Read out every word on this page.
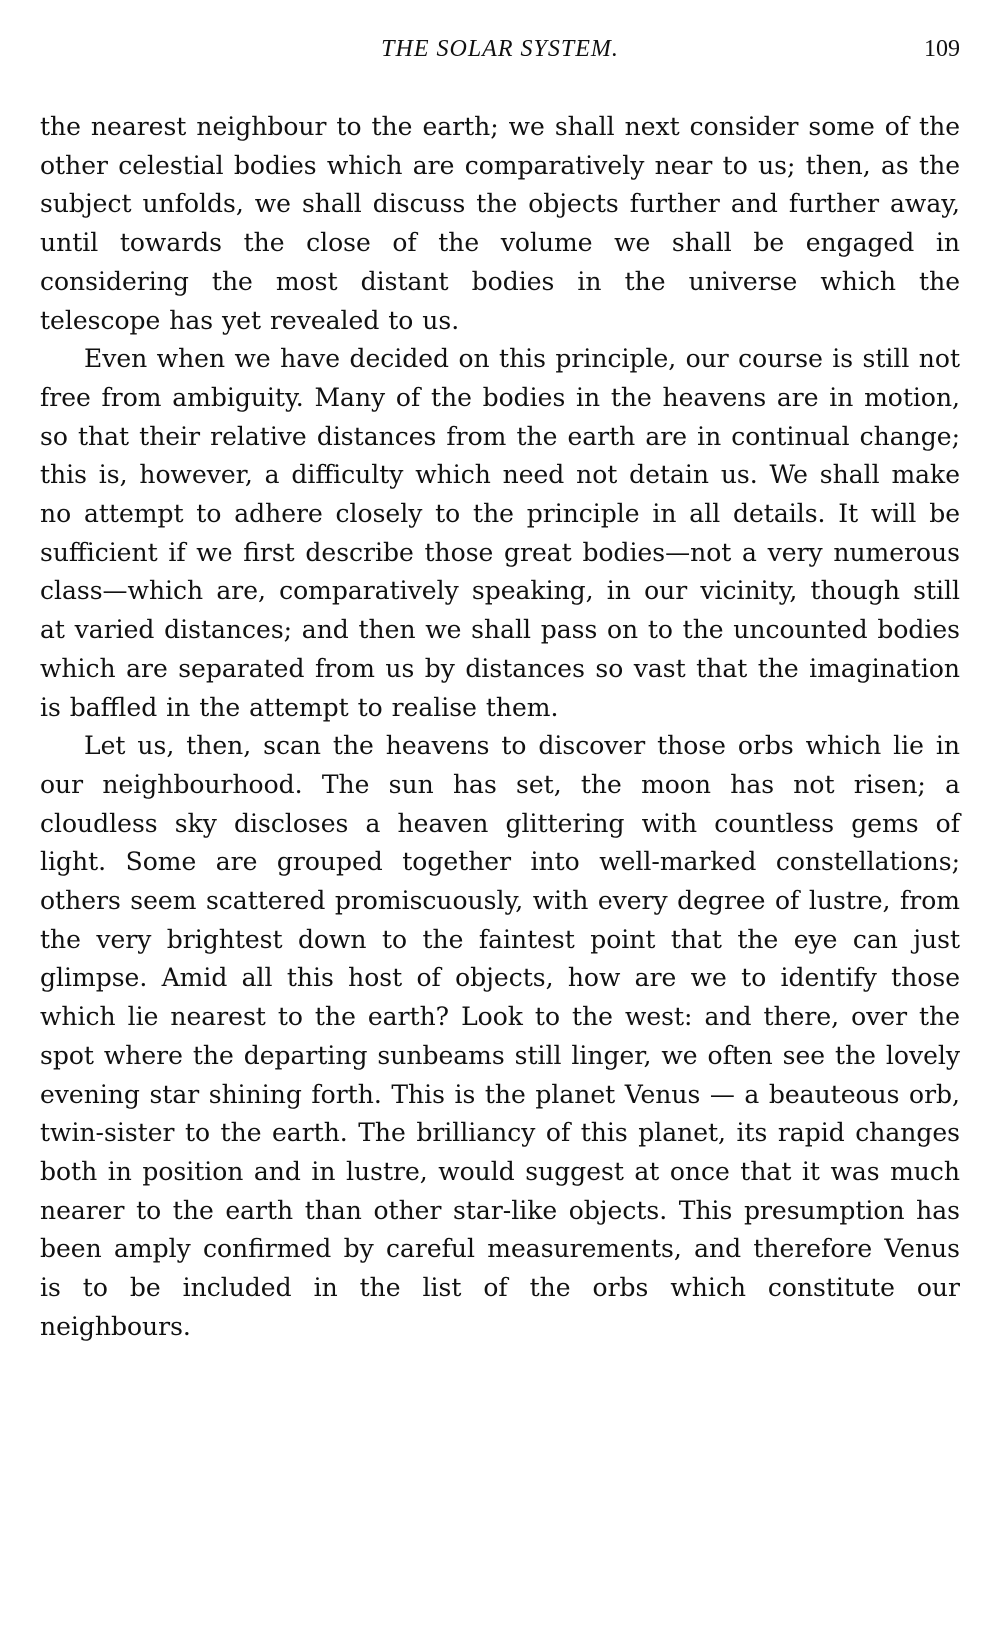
THE SOLAR SYSTEM.	109

the nearest neighbour to the earth; we shall next consider some of the other celestial bodies which are comparatively near to us; then, as the subject unfolds, we shall discuss the objects further and further away, until towards the close of the volume we shall be engaged in considering the most distant bodies in the universe which the telescope has yet revealed to us.

Even when we have decided on this principle, our course is still not free from ambiguity. Many of the bodies in the heavens are in motion, so that their relative distances from the earth are in continual change; this is, however, a difficulty which need not detain us. We shall make no attempt to adhere closely to the principle in all details. It will be sufficient if we first describe those great bodies—not a very numerous class—which are, comparatively speaking, in our vicinity, though still at varied distances; and then we shall pass on to the uncounted bodies which are separated from us by distances so vast that the imagination is baffled in the attempt to realise them.

Let us, then, scan the heavens to discover those orbs which lie in our neighbourhood. The sun has set, the moon has not risen; a cloudless sky discloses a heaven glittering with countless gems of light. Some are grouped together into well-marked constellations; others seem scattered promiscuously, with every degree of lustre, from the very brightest down to the faintest point that the eye can just glimpse. Amid all this host of objects, how are we to identify those which lie nearest to the earth? Look to the west: and there, over the spot where the departing sunbeams still linger, we often see the lovely evening star shining forth. This is the planet Venus — a beauteous orb, twin-sister to the earth. The brilliancy of this planet, its rapid changes both in position and in lustre, would suggest at once that it was much nearer to the earth than other star-like objects. This presumption has been amply confirmed by careful measurements, and therefore Venus is to be included in the list of the orbs which constitute our neighbours.
